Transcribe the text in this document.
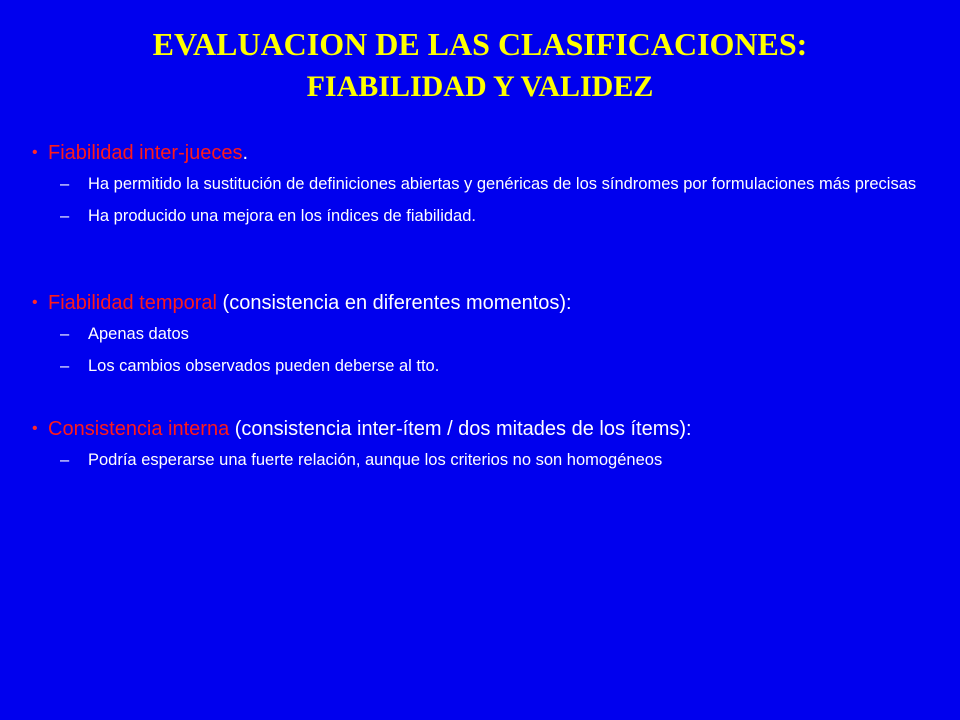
EVALUACION DE LAS CLASIFICACIONES:
FIABILIDAD Y VALIDEZ
• Fiabilidad inter-jueces.
– Ha permitido la sustitución de definiciones abiertas y genéricas de los síndromes por formulaciones más precisas
– Ha producido una mejora en los índices de fiabilidad.
• Fiabilidad temporal (consistencia en diferentes momentos):
– Apenas datos
– Los cambios observados pueden deberse al tto.
• Consistencia interna (consistencia inter-ítem / dos mitades de los ítems):
– Podría esperarse una fuerte relación, aunque los criterios no son homogéneos
